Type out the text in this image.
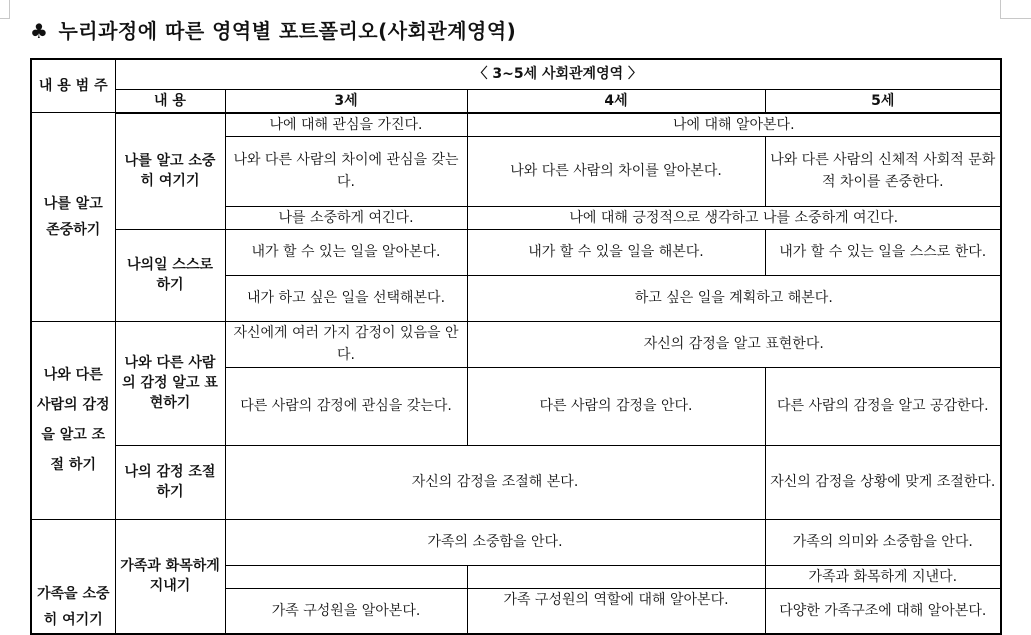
♣ 누리과정에 따른 영역별 포트폴리오(사회관계영역)
내 용 범 주	〈 3~5세 사회관계영역 〉			
	내 용	3세	4세	5세
나를 알고 존중하기	나를 알고 소중히 여기기	나에 대해 관심을 가진다.	나에 대해 알아본다.	
		나와 다른 사람의 차이에 관심을 갖는다.	나와 다른 사람의 차이를 알아본다.	나와 다른 사람의 신체적 사회적 문화적 차이를 존중한다.
		나를 소중하게 여긴다.	나에 대해 긍정적으로 생각하고 나를 소중하게 여긴다.	
	나의일 스스로 하기	내가 할 수 있는 일을 알아본다.	내가 할 수 있을 일을 해본다.	내가 할 수 있는 일을 스스로 한다.
		내가 하고 싶은 일을 선택해본다.	하고 싶은 일을 계획하고 해본다.	
나와 다른 사람의 감정을 알고 조절 하기	나와 다른 사람의 감정 알고 표현하기	자신에게 여러 가지 감정이 있음을 안다.	자신의 감정을 알고 표현한다.	
		다른 사람의 감정에 관심을 갖는다.	다른 사람의 감정을 안다.	다른 사람의 감정을 알고 공감한다.
	나의 감정 조절하기	자신의 감정을 조절해 본다.		자신의 감정을 상황에 맞게 조절한다.
가족을 소중히 여기기	가족과 화목하게 지내기	가족의 소중함을 안다.		가족의 의미와 소중함을 안다.
				가족과 화목하게 지낸다.
		가족 구성원을 알아본다.	가족 구성원의 역할에 대해 알아본다.	다양한 가족구조에 대해 알아본다.
